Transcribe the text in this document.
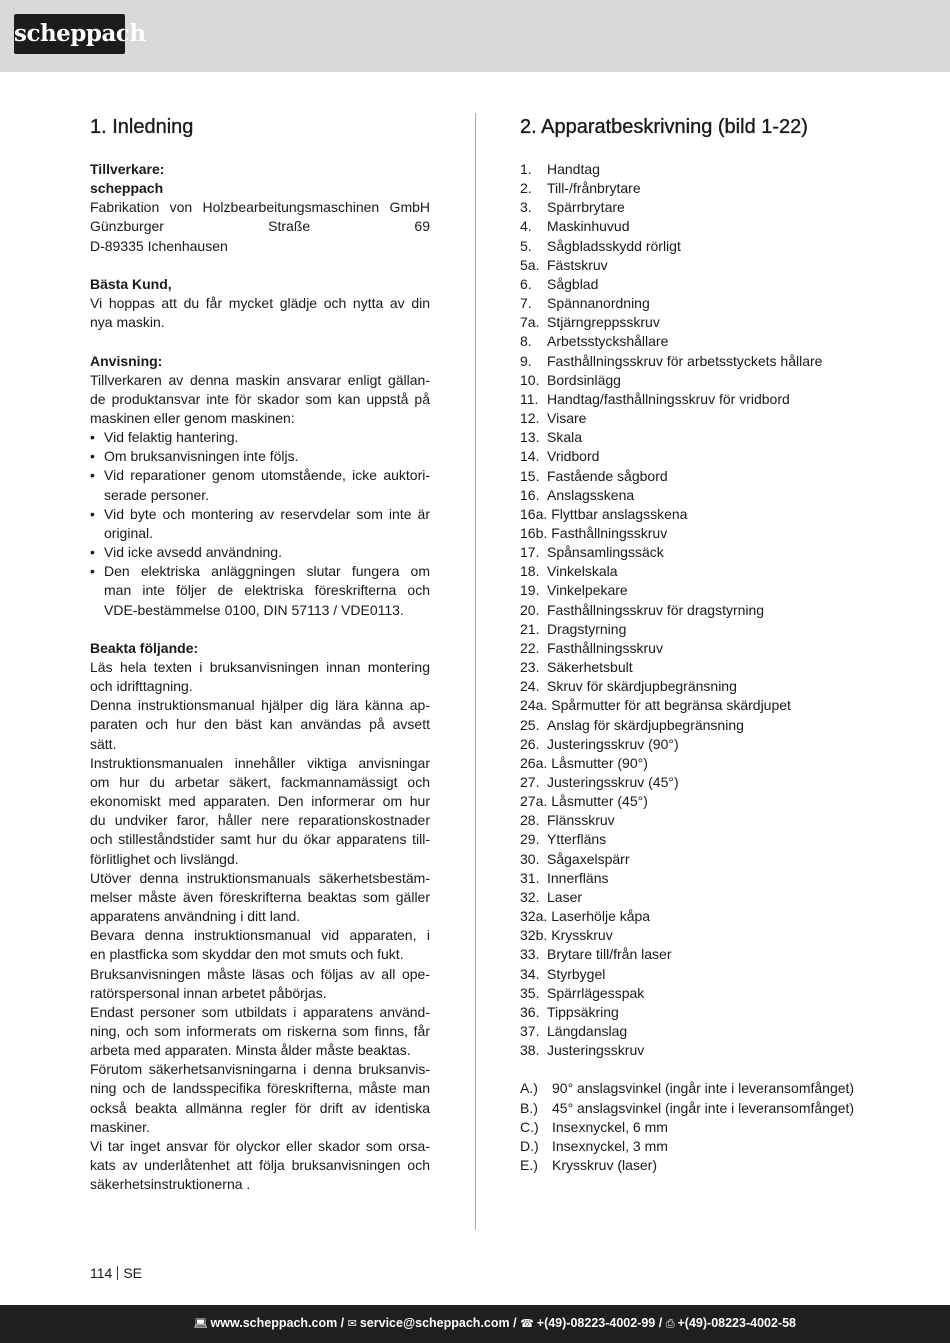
scheppach
1. Inledning
Tillverkare:
scheppach
Fabrikation von Holzbearbeitungsmaschinen GmbH
Günzburger Straße 69
D-89335 Ichenhausen
Bästa Kund,
Vi hoppas att du får mycket glädje och nytta av din
nya maskin.
Anvisning:
Tillverkaren av denna maskin ansvarar enligt gällan-
de produktansvar inte för skador som kan uppstå på
maskinen eller genom maskinen:
• Vid felaktig hantering.
• Om bruksanvisningen inte följs.
• Vid reparationer genom utomstående, icke auktori-
serade personer.
• Vid byte och montering av reservdelar som inte är
original.
• Vid icke avsedd användning.
• Den elektriska anläggningen slutar fungera om
man inte följer de elektriska föreskrifterna och
VDE-bestämmelse 0100, DIN 57113 / VDE0113.
Beakta följande:
Läs hela texten i bruksanvisningen innan montering
och idrifttagning.
Denna instruktionsmanual hjälper dig lära känna ap-
paraten och hur den bäst kan användas på avsett
sätt.
Instruktionsmanualen innehåller viktiga anvisningar
om hur du arbetar säkert, fackmannamässigt och
ekonomiskt med apparaten. Den informerar om hur
du undviker faror, håller nere reparationskostnader
och stilleståndstider samt hur du ökar apparatens till-
förlitlighet och livslängd.
Utöver denna instruktionsmanuals säkerhetsbestäm-
melser måste även föreskrifterna beaktas som gäller
apparatens användning i ditt land.
Bevara denna instruktionsmanual vid apparaten, i
en plastficka som skyddar den mot smuts och fukt.
Bruksanvisningen måste läsas och följas av all ope-
ratörspersonal innan arbetet påbörjas.
Endast personer som utbildats i apparatens använd-
ning, och som informerats om riskerna som finns, får
arbeta med apparaten. Minsta ålder måste beaktas.
Förutom säkerhetsanvisningarna i denna bruksanvis-
ning och de landsspecifika föreskrifterna, måste man
också beakta allmänna regler för drift av identiska
maskiner.
Vi tar inget ansvar för olyckor eller skador som orsa-
kats av underlåtenhet att följa bruksanvisningen och
säkerhetsinstruktionerna .
2. Apparatbeskrivning (bild 1-22)
1. Handtag
2. Till-/frånbrytare
3. Spärrbrytare
4. Maskinhuvud
5. Sågbladsskydd rörligt
5a. Fästskruv
6. Sågblad
7. Spännanordning
7a. Stjärngreppsskruv
8. Arbetsstyckshållare
9. Fasthållningsskruv för arbetsstyckets hållare
10. Bordsinlägg
11. Handtag/fasthållningsskruv för vridbord
12. Visare
13. Skala
14. Vridbord
15. Fastående sågbord
16. Anslagsskena
16a. Flyttbar anslagsskena
16b. Fasthållningsskruv
17. Spånsamlingssäck
18. Vinkelskala
19. Vinkelpekare
20. Fasthållningsskruv för dragstyrning
21. Dragstyrning
22. Fasthållningsskruv
23. Säkerhetsbult
24. Skruv för skärdjupbegränsning
24a. Spårmutter för att begränsa skärdjupet
25. Anslag för skärdjupbegränsning
26. Justeringsskruv (90°)
26a. Låsmutter (90°)
27. Justeringsskruv (45°)
27a. Låsmutter (45°)
28. Flänsskruv
29. Ytterfläns
30. Sågaxelspärr
31. Innerfläns
32. Laser
32a. Laserhölje kåpa
32b. Krysskruv
33. Brytare till/från laser
34. Styrbygel
35. Spärrlägesspak
36. Tippsäkring
37. Längdanslag
38. Justeringsskruv
A.) 90° anslagsvinkel (ingår inte i leveransomfånget)
B.) 45° anslagsvinkel (ingår inte i leveransomfånget)
C.) Insexnyckel, 6 mm
D.) Insexnyckel, 3 mm
E.) Krysskruv (laser)
114 SE
💻︎ www.scheppach.com / ✉︎ service@scheppach.com / ☎︎ +(49)-08223-4002-99 / ⎙︎ +(49)-08223-4002-58
